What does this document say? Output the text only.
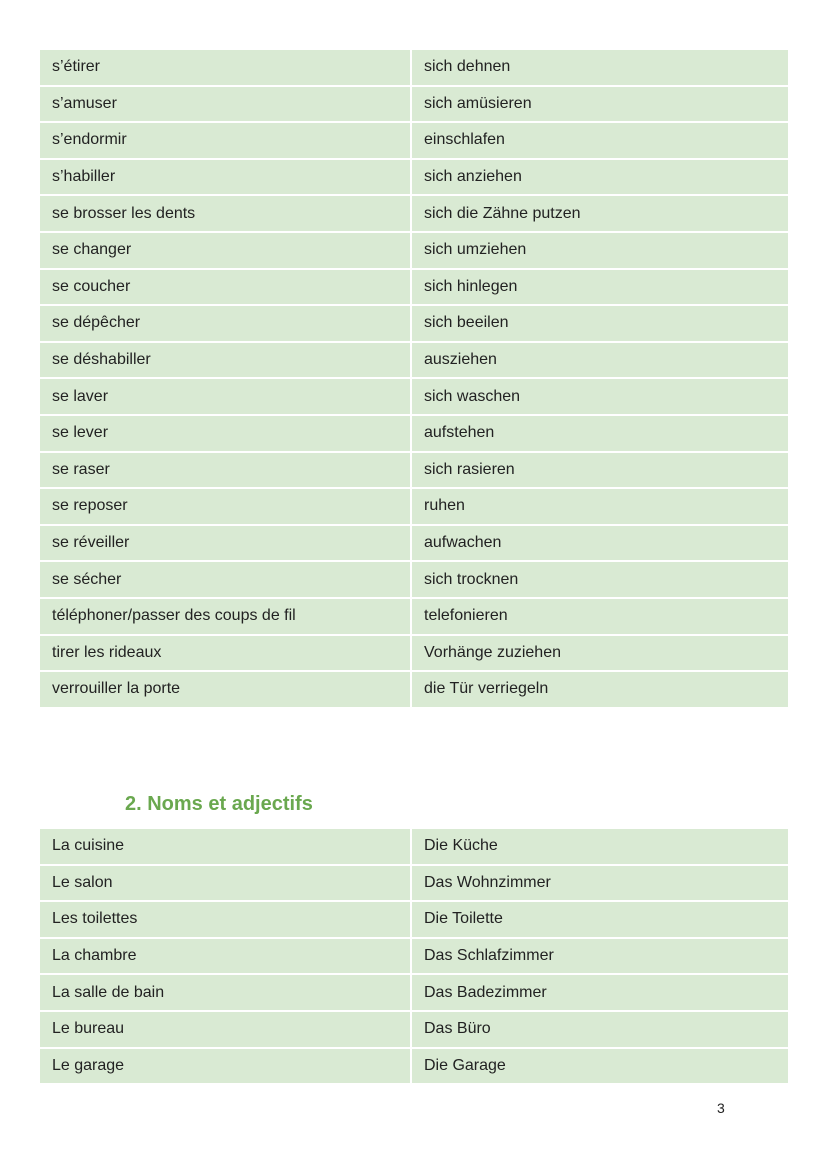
s’étirer	sich dehnen
s’amuser	sich amüsieren
s’endormir	einschlafen
s’habiller	sich anziehen
se brosser les dents	sich die Zähne putzen
se changer	sich umziehen
se coucher	sich hinlegen
se dépêcher	sich beeilen
se déshabiller	ausziehen
se laver	sich waschen
se lever	aufstehen
se raser	sich rasieren
se reposer	ruhen
se réveiller	aufwachen
se sécher	sich trocknen
téléphoner/passer des coups de fil	telefonieren
tirer les rideaux	Vorhänge zuziehen
verrouiller la porte	die Tür verriegeln
2. Noms et adjectifs
La cuisine	Die Küche
Le salon	Das Wohnzimmer
Les toilettes	Die Toilette
La chambre	Das Schlafzimmer
La salle de bain	Das Badezimmer
Le bureau	Das Büro
Le garage	Die Garage
3
